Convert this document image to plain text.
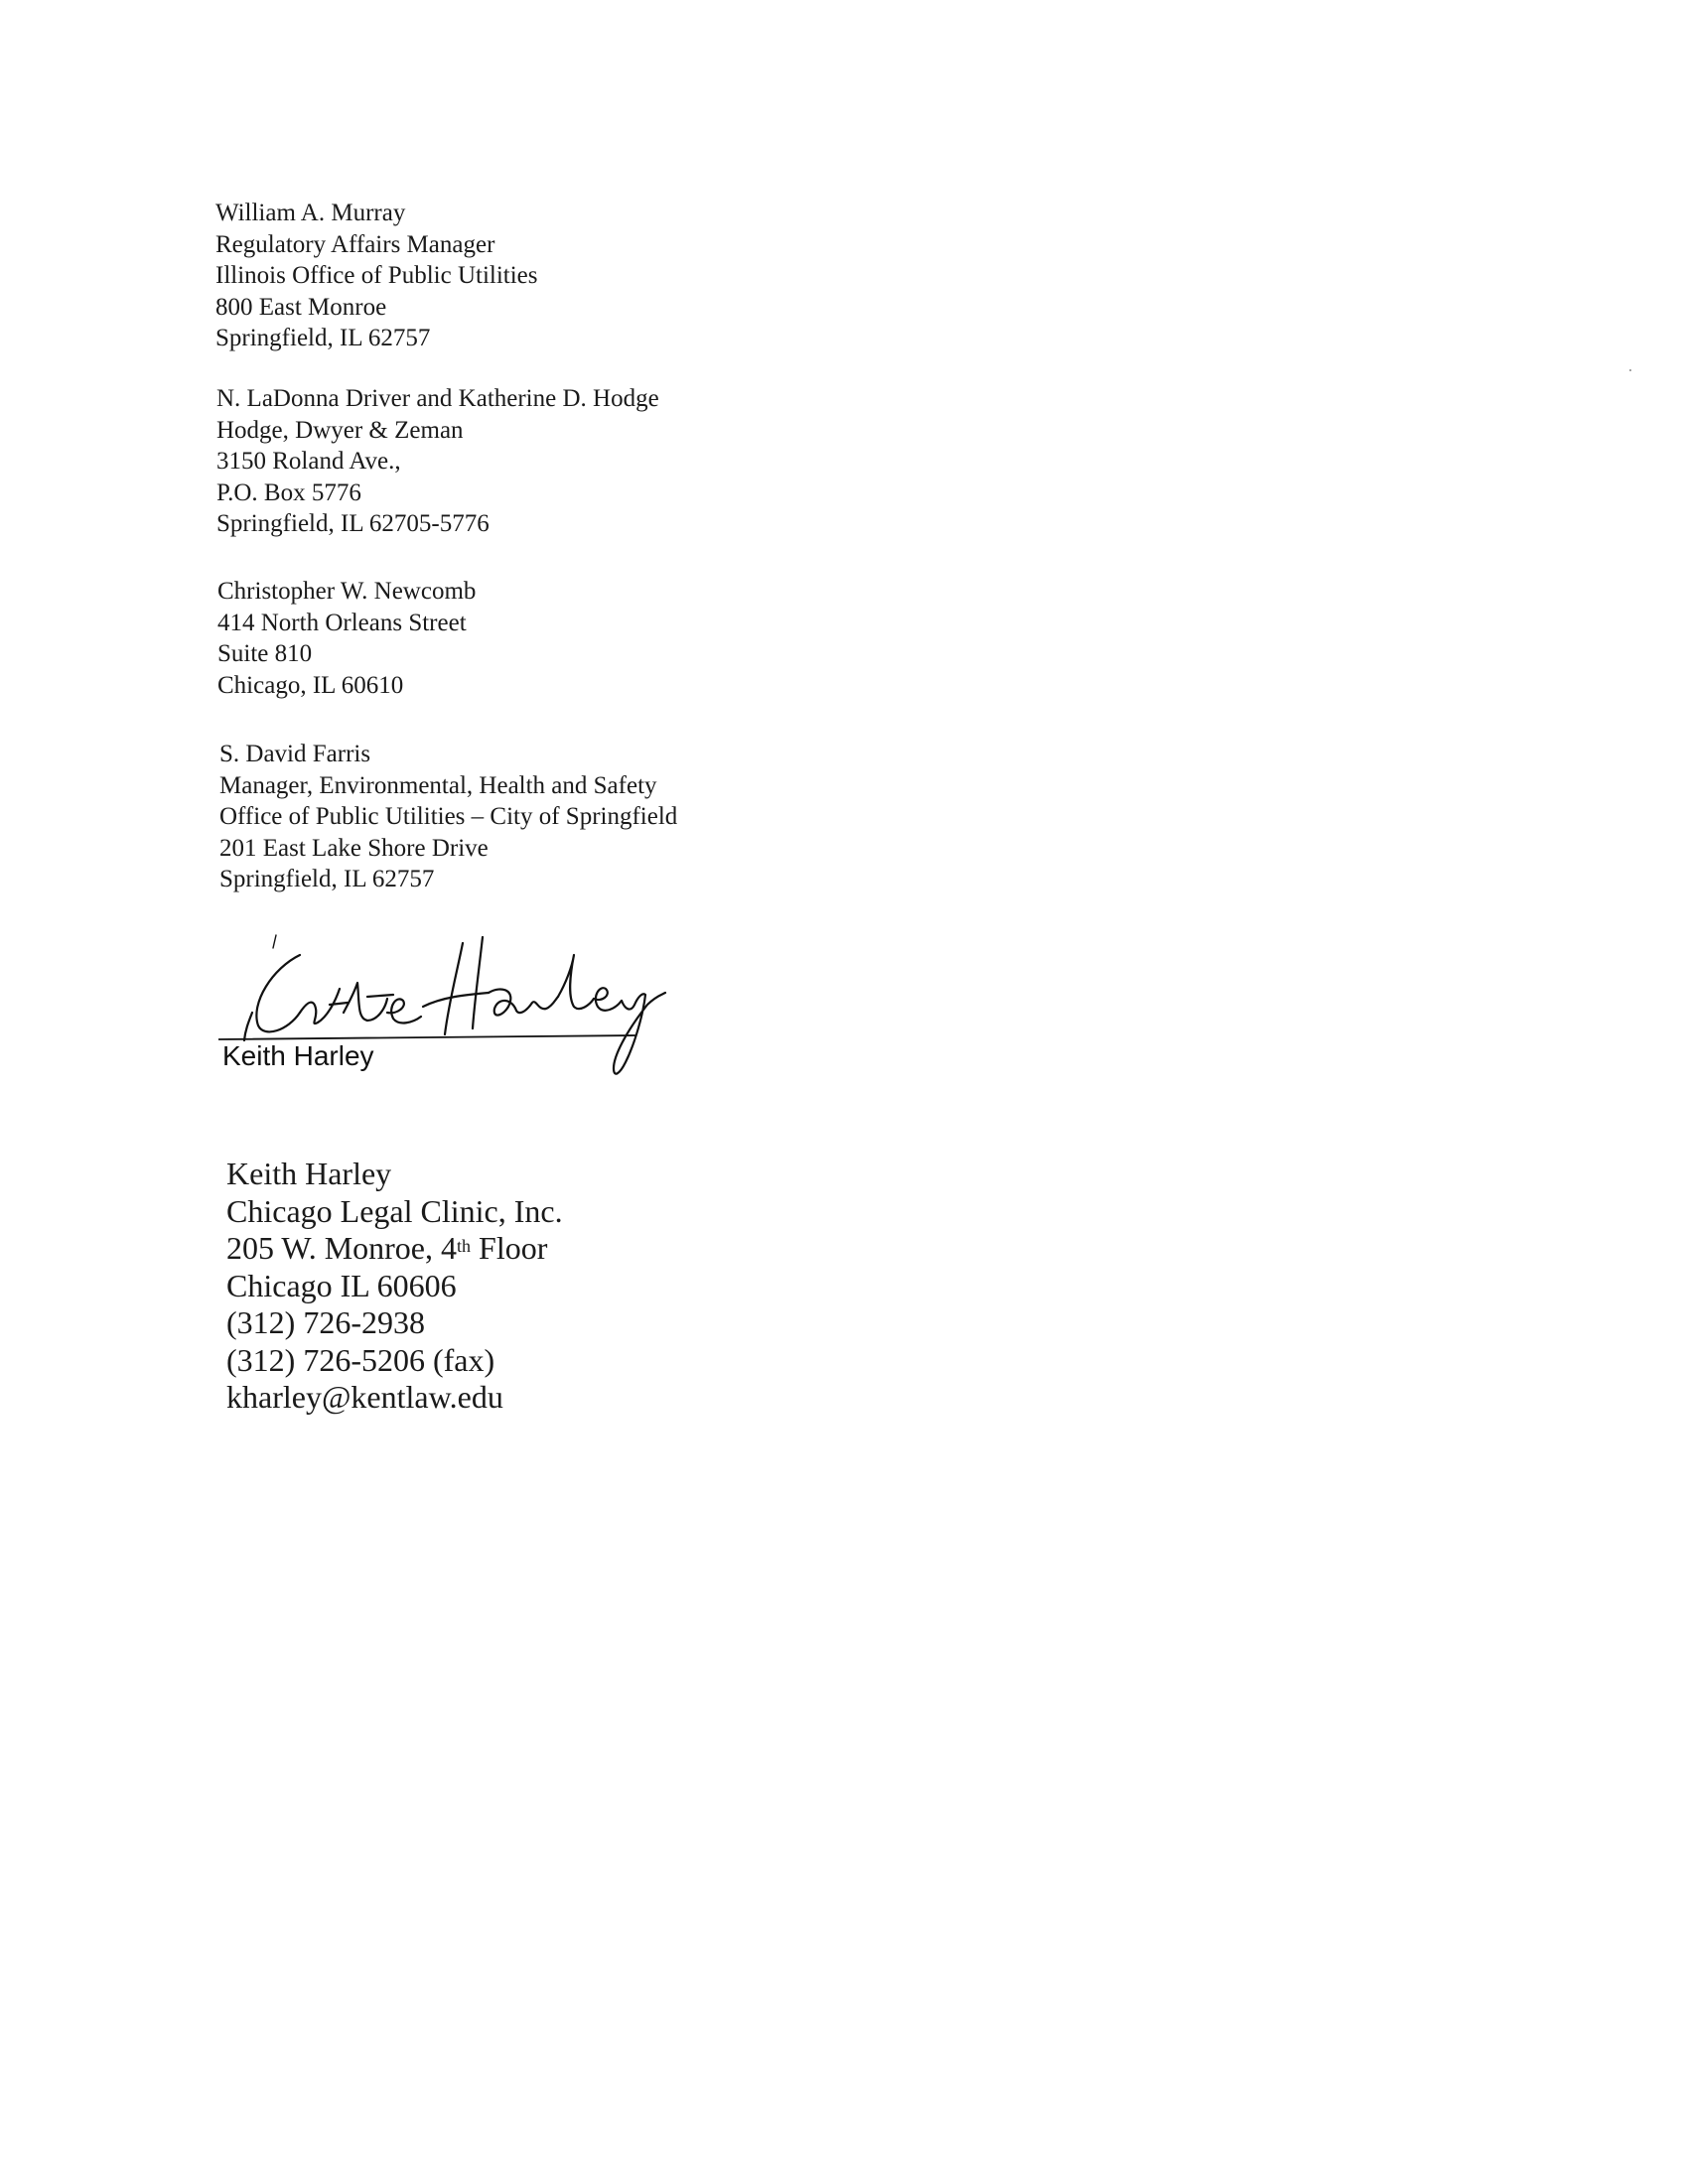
William A. Murray
Regulatory Affairs Manager
Illinois Office of Public Utilities
800 East Monroe
Springfield, IL 62757
N. LaDonna Driver and Katherine D. Hodge
Hodge, Dwyer & Zeman
3150 Roland Ave.,
P.O. Box 5776
Springfield, IL 62705-5776
Christopher W. Newcomb
414 North Orleans Street
Suite 810
Chicago, IL 60610
S. David Farris
Manager, Environmental, Health and Safety
Office of Public Utilities – City of Springfield
201 East Lake Shore Drive
Springfield, IL 62757
Keith Harley
Keith Harley
Chicago Legal Clinic, Inc.
205 W. Monroe, 4th Floor
Chicago IL 60606
(312) 726-2938
(312) 726-5206 (fax)
kharley@kentlaw.edu
